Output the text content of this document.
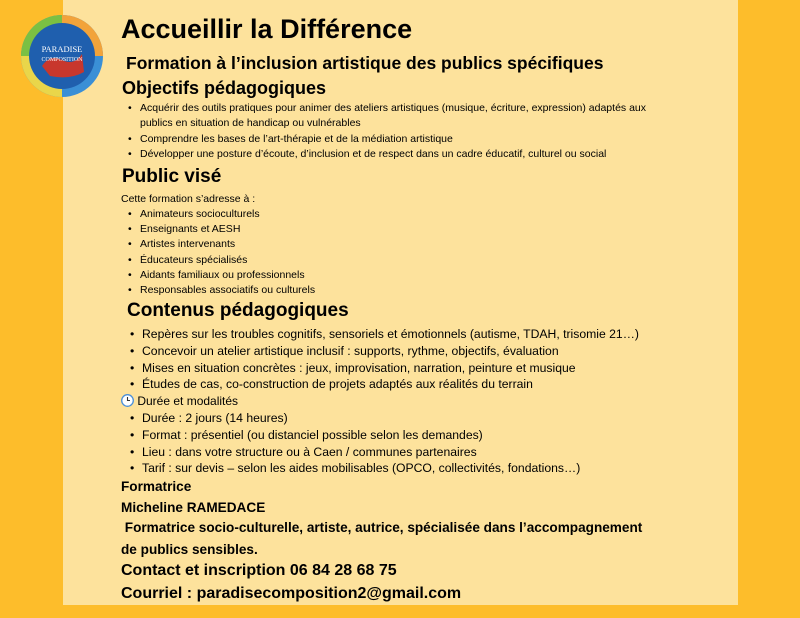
PARADISE
COMPOSITION
Accueillir la Différence
Formation à l’inclusion artistique des publics spécifiques
Objectifs pédagogiques
• Acquérir des outils pratiques pour animer des ateliers artistiques (musique, écriture, expression) adaptés aux
publics en situation de handicap ou vulnérables
• Comprendre les bases de l’art-thérapie et de la médiation artistique
• Développer une posture d’écoute, d’inclusion et de respect dans un cadre éducatif, culturel ou social
Public visé
Cette formation s’adresse à :
• Animateurs socioculturels
• Enseignants et AESH
• Artistes intervenants
• Éducateurs spécialisés
• Aidants familiaux ou professionnels
• Responsables associatifs ou culturels
Contenus pédagogiques
• Repères sur les troubles cognitifs, sensoriels et émotionnels (autisme, TDAH, trisomie 21…)
• Concevoir un atelier artistique inclusif : supports, rythme, objectifs, évaluation
• Mises en situation concrètes : jeux, improvisation, narration, peinture et musique
• Études de cas, co-construction de projets adaptés aux réalités du terrain
Durée et modalités
• Durée : 2 jours (14 heures)
• Format : présentiel (ou distanciel possible selon les demandes)
• Lieu : dans votre structure ou à Caen / communes partenaires
• Tarif : sur devis – selon les aides mobilisables (OPCO, collectivités, fondations…)
Formatrice
Micheline RAMEDACE
Formatrice socio-culturelle, artiste, autrice, spécialisée dans l’accompagnement
de publics sensibles.
Contact et inscription 06 84 28 68 75
Courriel : paradisecomposition2@gmail.com
